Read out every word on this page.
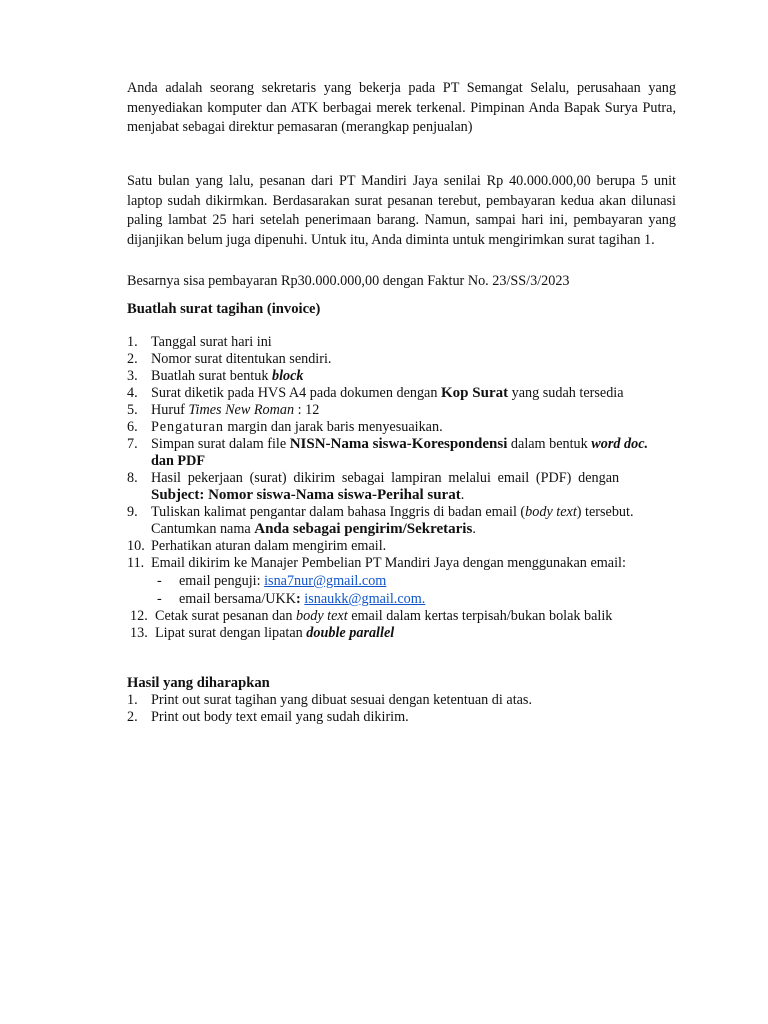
Anda adalah seorang sekretaris yang bekerja pada PT Semangat Selalu, perusahaan yang menyediakan komputer dan ATK berbagai merek terkenal. Pimpinan Anda Bapak Surya Putra, menjabat sebagai direktur pemasaran (merangkap penjualan)

Satu bulan yang lalu, pesanan dari PT Mandiri Jaya senilai Rp 40.000.000,00 berupa 5 unit laptop sudah dikirmkan. Berdasarakan surat pesanan terebut, pembayaran kedua akan dilunasi paling lambat 25 hari setelah penerimaan barang. Namun, sampai hari ini, pembayaran yang dijanjikan belum juga dipenuhi. Untuk itu, Anda diminta untuk mengirimkan surat tagihan 1.

Besarnya sisa pembayaran Rp30.000.000,00 dengan Faktur No. 23/SS/3/2023

Buatlah surat tagihan (invoice)
1. Tanggal surat hari ini
2. Nomor surat ditentukan sendiri.
3. Buatlah surat bentuk block
4. Surat diketik pada HVS A4 pada dokumen dengan Kop Surat yang sudah tersedia
5. Huruf Times New Roman : 12
6. Pengaturan margin dan jarak baris menyesuaikan.
7. Simpan surat dalam file NISN-Nama siswa-Korespondensi dalam bentuk word doc.
dan PDF
8. Hasil pekerjaan (surat) dikirim sebagai lampiran melalui email (PDF) dengan
Subject: Nomor siswa-Nama siswa-Perihal surat.
9. Tuliskan kalimat pengantar dalam bahasa Inggris di badan email (body text) tersebut.
Cantumkan nama Anda sebagai pengirim/Sekretaris.
10. Perhatikan aturan dalam mengirim email.
11. Email dikirim ke Manajer Pembelian PT Mandiri Jaya dengan menggunakan email:
- email penguji: isna7nur@gmail.com
- email bersama/UKK: isnaukk@gmail.com.
12. Cetak surat pesanan dan body text email dalam kertas terpisah/bukan bolak balik
13. Lipat surat dengan lipatan double parallel
Hasil yang diharapkan
1. Print out surat tagihan yang dibuat sesuai dengan ketentuan di atas.
2. Print out body text email yang sudah dikirim.
